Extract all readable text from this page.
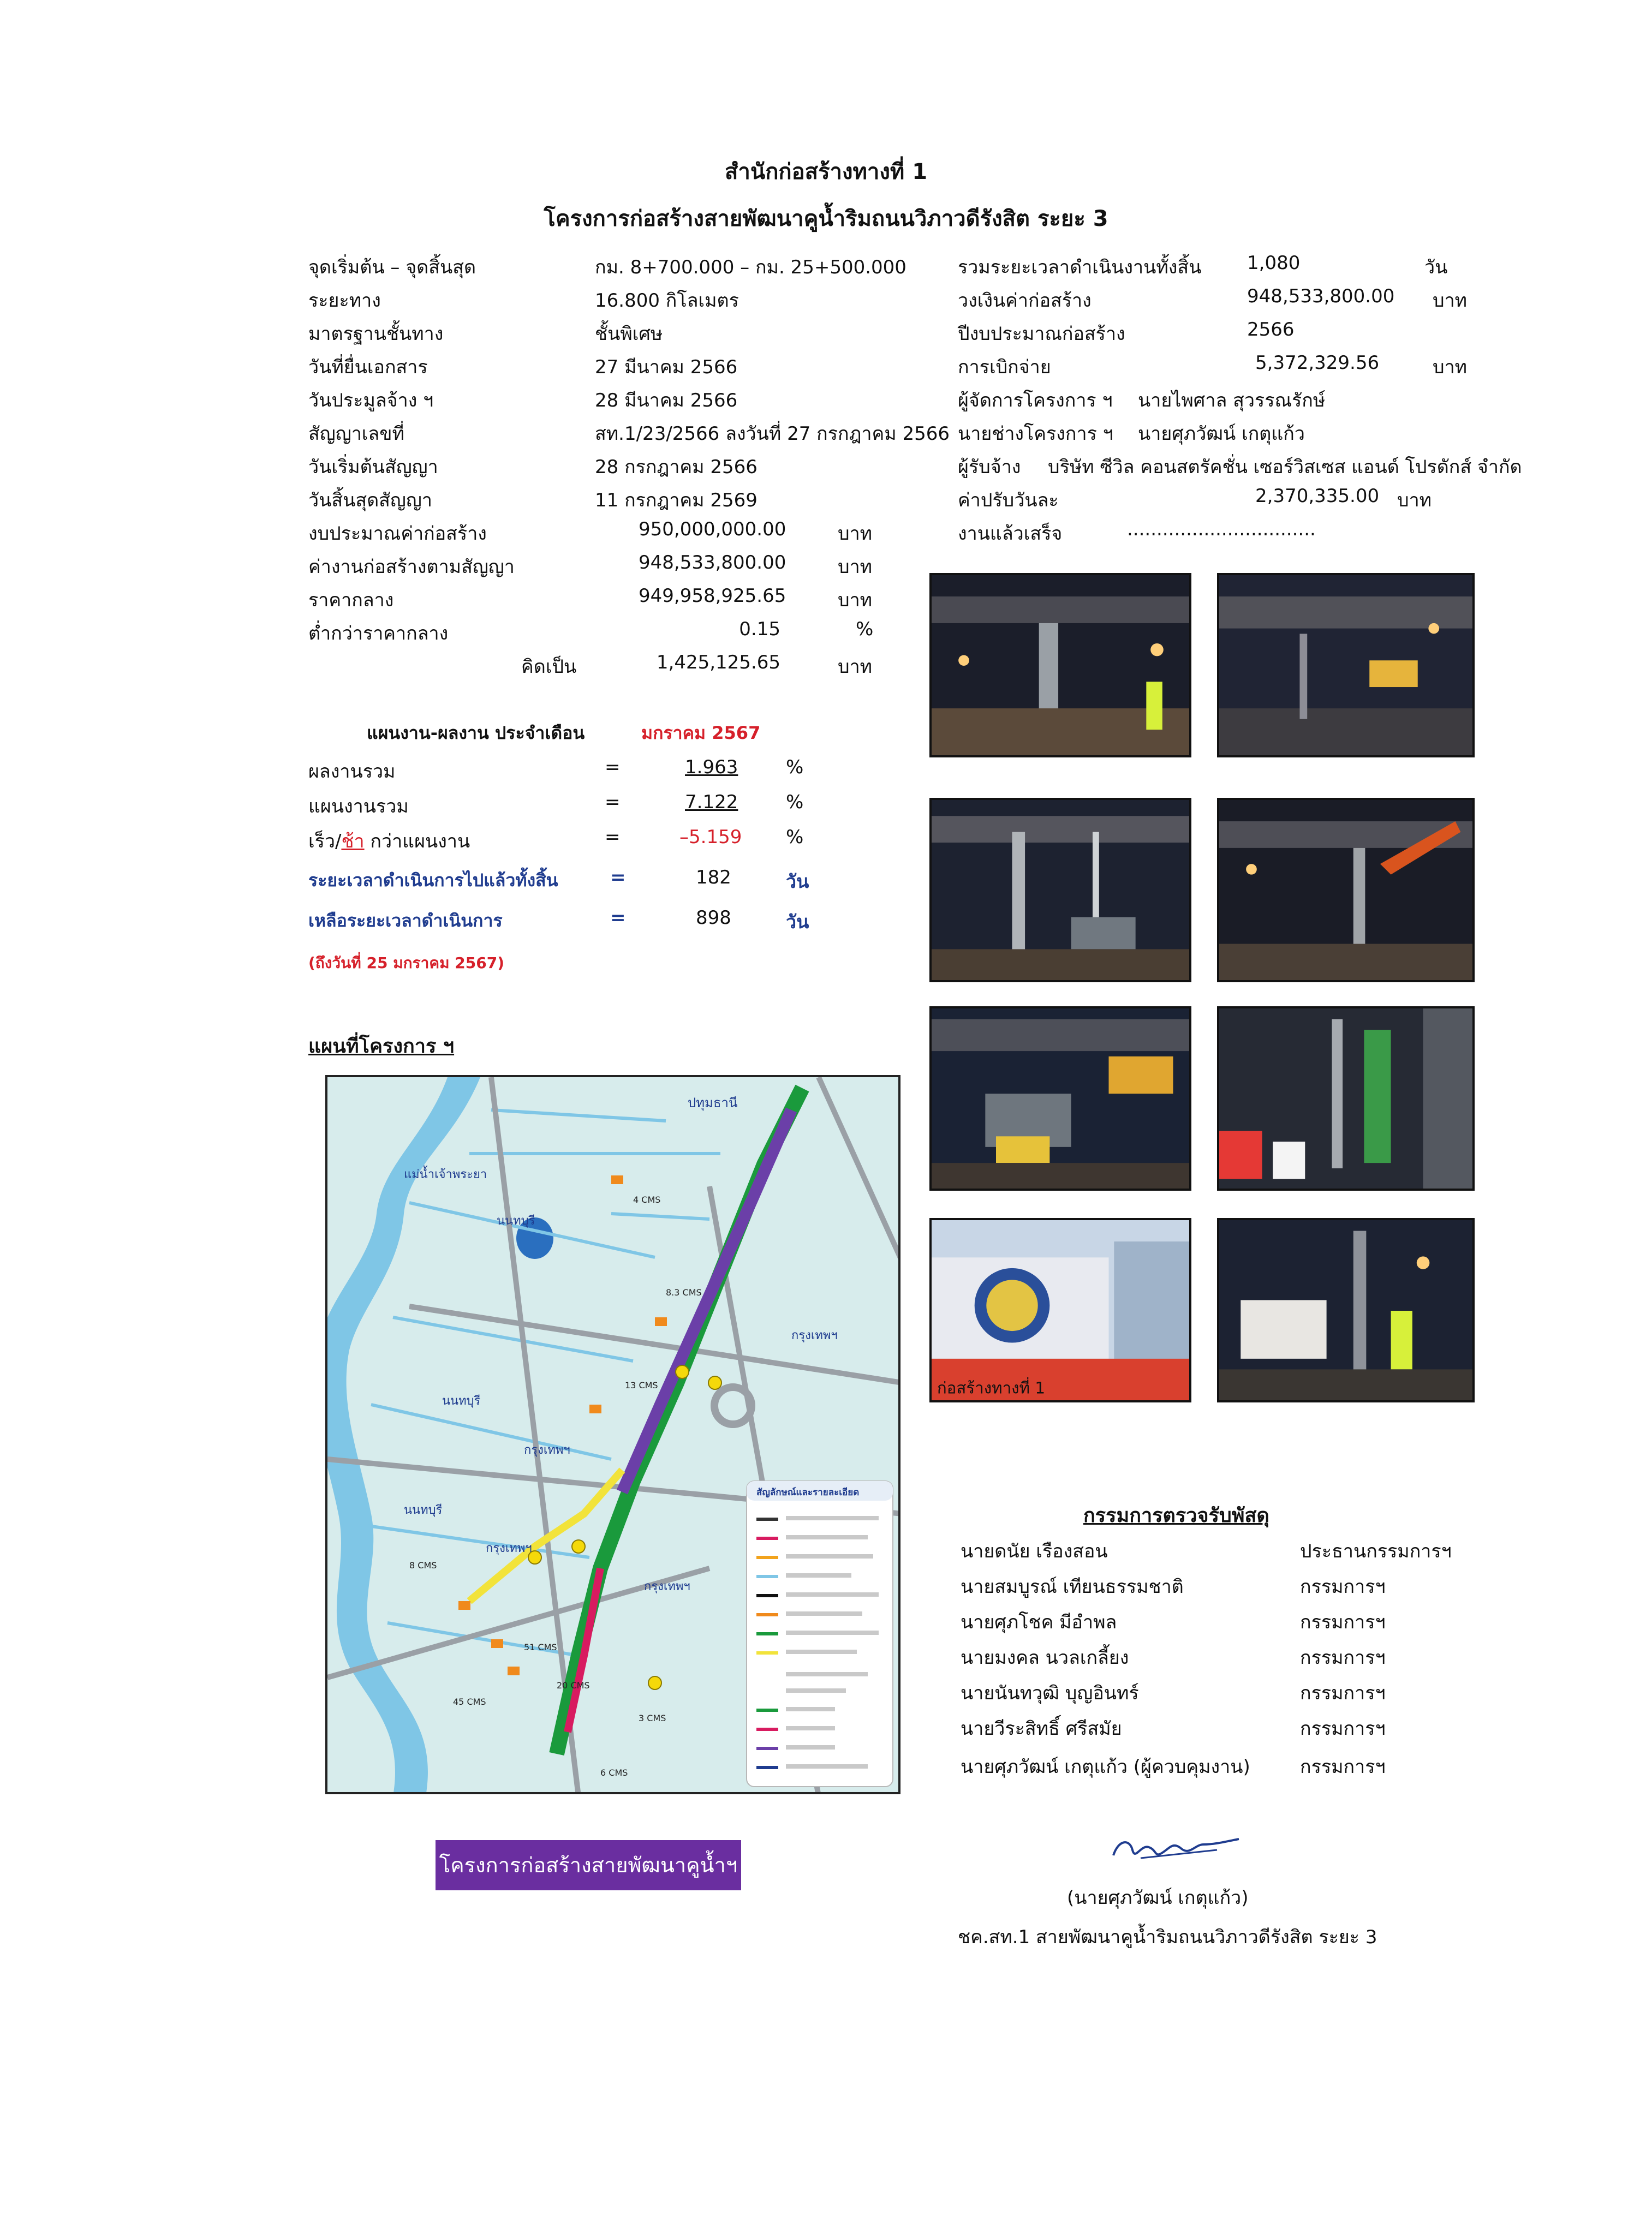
สำนักก่อสร้างทางที่ 1
โครงการก่อสร้างสายพัฒนาคูน้ำริมถนนวิภาวดีรังสิต ระยะ 3
จุดเริ่มต้น – จุดสิ้นสุด	กม. 8+700.000 – กม. 25+500.000
ระยะทาง	16.800 กิโลเมตร
มาตรฐานชั้นทาง	ชั้นพิเศษ
วันที่ยื่นเอกสาร	27 มีนาคม 2566
วันประมูลจ้าง ฯ	28 มีนาคม 2566
สัญญาเลขที่	สท.1/23/2566 ลงวันที่ 27 กรกฎาคม 2566
วันเริ่มต้นสัญญา	28 กรกฎาคม 2566
วันสิ้นสุดสัญญา	11 กรกฎาคม 2569
งบประมาณค่าก่อสร้าง	950,000,000.00	บาท
ค่างานก่อสร้างตามสัญญา	948,533,800.00	บาท
ราคากลาง	949,958,925.65	บาท
ต่ำกว่าราคากลาง	0.15	%
คิดเป็น	1,425,125.65	บาท
รวมระยะเวลาดำเนินงานทั้งสิ้น 1,080	วัน
วงเงินค่าก่อสร้าง	948,533,800.00 บาท
ปีงบประมาณก่อสร้าง	2566
การเบิกจ่าย	5,372,329.56	บาท
ผู้จัดการโครงการ ฯ นายไพศาล สุวรรณรักษ์
นายช่างโครงการ ฯ นายศุภวัฒน์ เกตุแก้ว
ผู้รับจ้าง บริษัท ซีวิล คอนสตรัคชั่น เซอร์วิสเซส แอนด์ โปรดักส์ จำกัด
ค่าปรับวันละ	2,370,335.00 บาท
งานแล้วเสร็จ	................................
แผนงาน-ผลงาน ประจำเดือน	มกราคม 2567
ผลงานรวม	=	1.963	%
แผนงานรวม	=	7.122	%
เร็ว/ช้า กว่าแผนงาน	=	–5.159 %
ระยะเวลาดำเนินการไปแล้วทั้งสิ้น	=	182	วัน
เหลือระยะเวลาดำเนินการ	=	898	วัน
(ถึงวันที่ 25 มกราคม 2567)
แผนที่โครงการ ฯ
ปทุมธานี
แม่น้ำเจ้าพระยา
นนทบุรี
นนทบุรี
นนทบุรี
กรุงเทพฯ
กรุงเทพฯ
กรุงเทพฯ
กรุงเทพฯ
4 CMS
8.3 CMS
13 CMS
8 CMS
51 CMS
20 CMS
3 CMS
45 CMS
6 CMS
สัญลักษณ์และรายละเอียด
โครงการก่อสร้างสายพัฒนาคูน้ำฯ
ก่อสร้างทางที่ 1
กรรมการตรวจรับพัสดุ
นายดนัย เรืองสอน	ประธานกรรมการฯ
นายสมบูรณ์ เทียนธรรมชาติ	กรรมการฯ
นายศุภโชค มีอำพล	กรรมการฯ
นายมงคล นวลเกลี้ยง	กรรมการฯ
นายนันทวุฒิ บุญอินทร์	กรรมการฯ
นายวีระสิทธิ์ ศรีสมัย	กรรมการฯ
นายศุภวัฒน์ เกตุแก้ว (ผู้ควบคุมงาน)	กรรมการฯ
(นายศุภวัฒน์ เกตุแก้ว)
ชค.สท.1 สายพัฒนาคูน้ำริมถนนวิภาวดีรังสิต ระยะ 3
